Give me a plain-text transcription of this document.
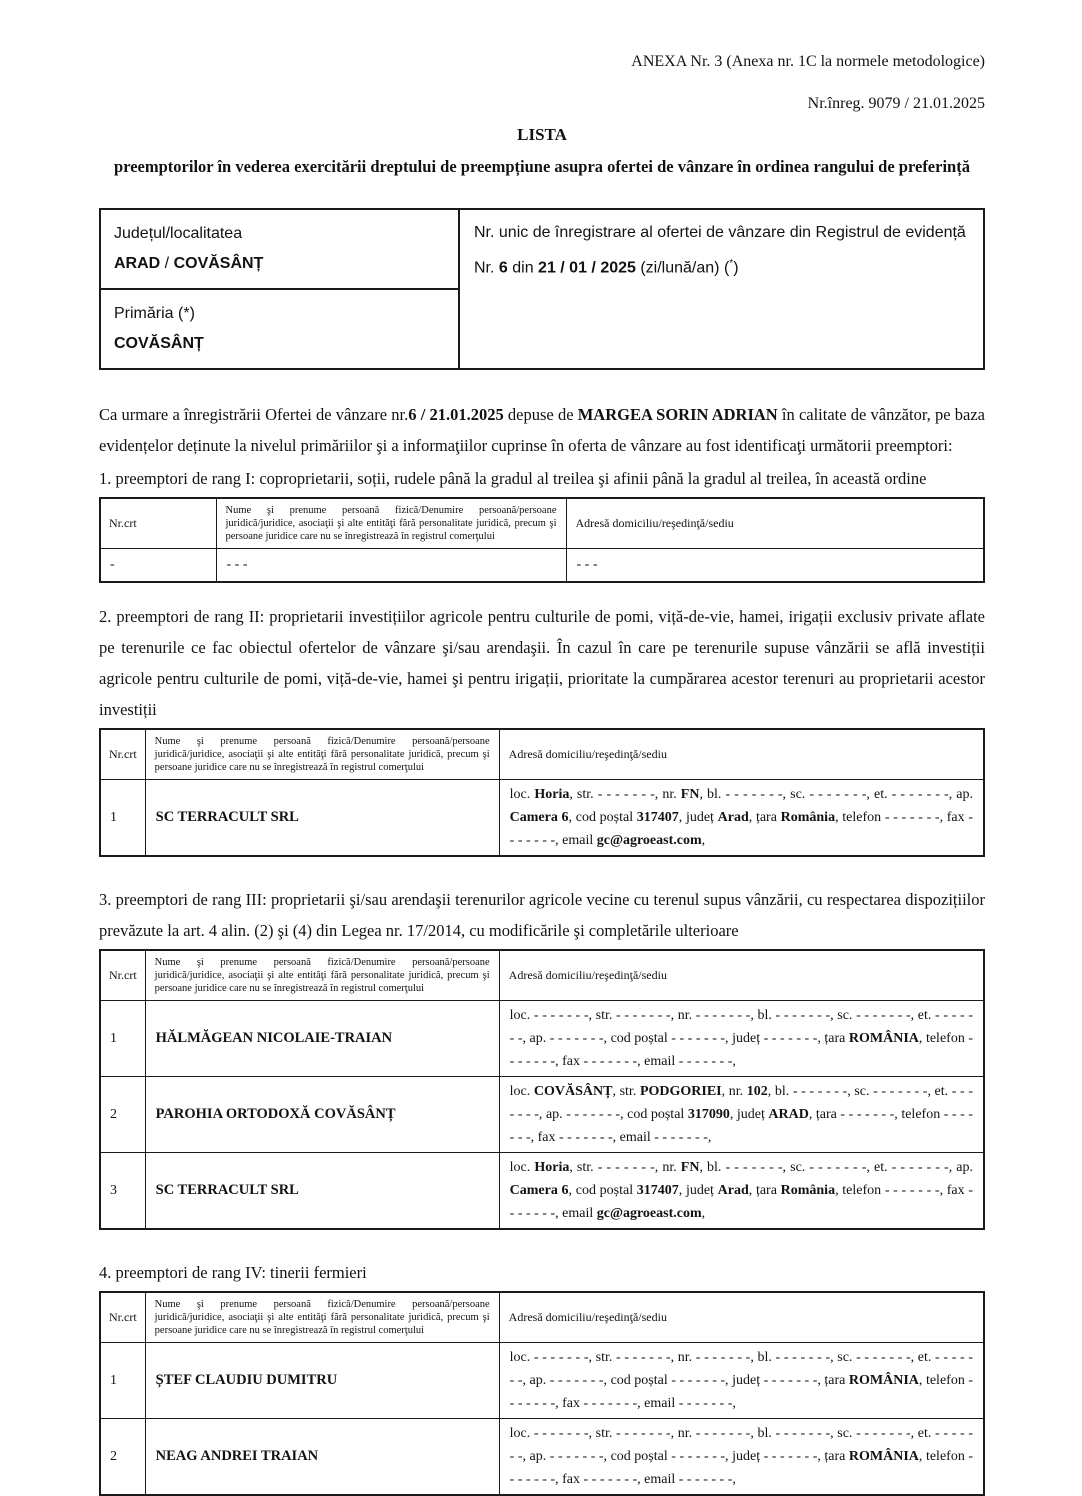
ANEXA Nr. 3 (Anexa nr. 1C la normele metodologice)
Nr.înreg. 9079 / 21.01.2025
LISTA
preemptorilor în vederea exercitării dreptului de preempțiune asupra ofertei de vânzare în ordinea rangului de preferință
Județul/localitatea
ARAD / COVĂSÂNȚ

Nr. unic de înregistrare al ofertei de vânzare din Registrul de evidență
Nr. 6 din 21 / 01 / 2025 (zi/lună/an) (*)

Primăria (*)
COVĂSÂNȚ

Ca urmare a înregistrării Ofertei de vânzare nr.6 / 21.01.2025 depuse de MARGEA SORIN ADRIAN în calitate de vânzător, pe baza evidențelor deținute la nivelul primăriilor şi a informaţiilor cuprinse în oferta de vânzare au fost identificaţi următorii preemptori:

1. preemptori de rang I: coproprietarii, soții, rudele până la gradul al treilea şi afinii până la gradul al treilea, în această ordine

Nr.crt	Nume şi prenume persoană fizică/Denumire persoană/persoane juridică/juridice, asociaţii şi alte entităţi fără personalitate juridică, precum şi persoane juridice care nu se înregistrează în registrul comerţului	Adresă domiciliu/reşedinţă/sediu
-	- - -	- - -

2. preemptori de rang II: proprietarii investițiilor agricole pentru culturile de pomi, viță-de-vie, hamei, irigații exclusiv private aflate pe terenurile ce fac obiectul ofertelor de vânzare şi/sau arendaşii. În cazul în care pe terenurile supuse vânzării se află investiții agricole pentru culturile de pomi, viță-de-vie, hamei şi pentru irigații, prioritate la cumpărarea acestor terenuri au proprietarii acestor investiții

Nr.crt	Nume şi prenume persoană fizică/Denumire persoană/persoane juridică/juridice, asociaţii şi alte entităţi fără personalitate juridică, precum şi persoane juridice care nu se înregistrează în registrul comerţului	Adresă domiciliu/reşedinţă/sediu
1	SC TERRACULT SRL	loc. Horia, str. - - - - - - -, nr. FN, bl. - - - - - - -, sc. - - - - - - -, et. - - - - - - -, ap. Camera 6, cod poștal 317407, județ Arad, țara România, telefon - - - - - - -, fax - - - - - - -, email gc@agroeast.com,

3. preemptori de rang III: proprietarii şi/sau arendaşii terenurilor agricole vecine cu terenul supus vânzării, cu respectarea dispozițiilor prevăzute la art. 4 alin. (2) şi (4) din Legea nr. 17/2014, cu modificările şi completările ulterioare

Nr.crt	Nume şi prenume persoană fizică/Denumire persoană/persoane juridică/juridice, asociaţii şi alte entităţi fără personalitate juridică, precum şi persoane juridice care nu se înregistrează în registrul comerţului	Adresă domiciliu/reşedinţă/sediu
1	HĂLMĂGEAN NICOLAIE-TRAIAN	loc. - - - - - - -, str. - - - - - - -, nr. - - - - - - -, bl. - - - - - - -, sc. - - - - - - -, et. - - - - - - -, ap. - - - - - - -, cod poștal - - - - - - -, județ - - - - - - -, țara ROMÂNIA, telefon - - - - - - -, fax - - - - - - -, email - - - - - - -,
2	PAROHIA ORTODOXĂ COVĂSÂNȚ	loc. COVĂSÂNȚ, str. PODGORIEI, nr. 102, bl. - - - - - - -, sc. - - - - - - -, et. - - - - - - -, ap. - - - - - - -, cod poștal 317090, județ ARAD, țara - - - - - - -, telefon - - - - - - -, fax - - - - - - -, email - - - - - - -,
3	SC TERRACULT SRL	loc. Horia, str. - - - - - - -, nr. FN, bl. - - - - - - -, sc. - - - - - - -, et. - - - - - - -, ap. Camera 6, cod poștal 317407, județ Arad, țara România, telefon - - - - - - -, fax - - - - - - -, email gc@agroeast.com,

4. preemptori de rang IV: tinerii fermieri

Nr.crt	Nume şi prenume persoană fizică/Denumire persoană/persoane juridică/juridice, asociaţii şi alte entităţi fără personalitate juridică, precum şi persoane juridice care nu se înregistrează în registrul comerţului	Adresă domiciliu/reşedinţă/sediu
1	ȘTEF CLAUDIU DUMITRU	loc. - - - - - - -, str. - - - - - - -, nr. - - - - - - -, bl. - - - - - - -, sc. - - - - - - -, et. - - - - - - -, ap. - - - - - - -, cod poștal - - - - - - -, județ - - - - - - -, țara ROMÂNIA, telefon - - - - - - -, fax - - - - - - -, email - - - - - - -,
2	NEAG ANDREI TRAIAN	loc. - - - - - - -, str. - - - - - - -, nr. - - - - - - -, bl. - - - - - - -, sc. - - - - - - -, et. - - - - - - -, ap. - - - - - - -, cod poștal - - - - - - -, județ - - - - - - -, țara ROMÂNIA, telefon - - - - - - -, fax - - - - - - -, email - - - - - - -,
